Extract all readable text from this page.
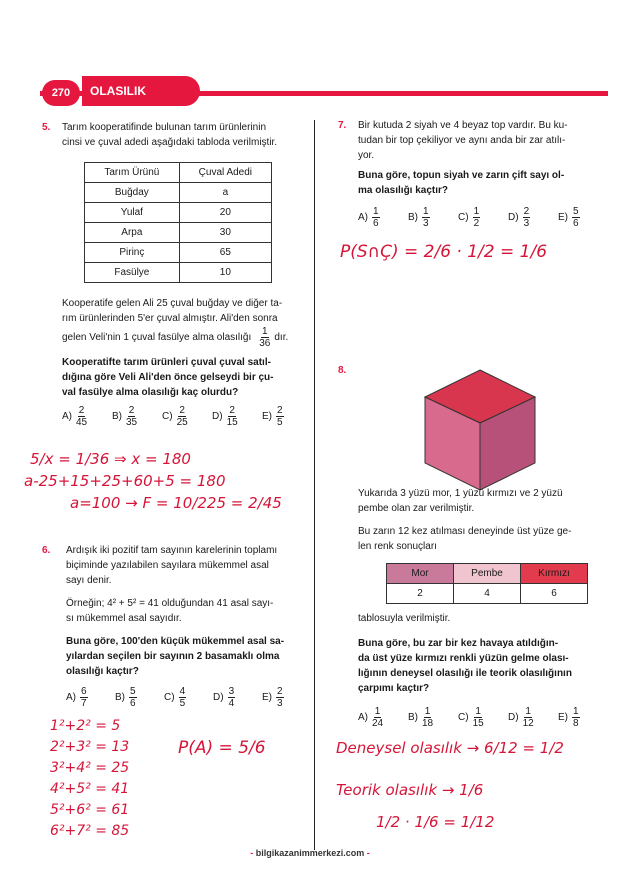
270	OLASILIK
5. Tarım kooperatifinde bulunan tarım ürünlerinin
cinsi ve çuval adedi aşağıdaki tabloda verilmiştir.
Tarım Ürünü	Çuval Adedi
Buğday	a
Yulaf	20
Arpa	30
Pirinç	65
Fasülye	10
Kooperatife gelen Ali 25 çuval buğday ve diğer ta-
rım ürünlerinden 5'er çuval almıştır. Ali'den sonra
gelen Veli'nin 1 çuval fasülye alma olasılığı $\frac{1}{36}$ dır.
Kooperatifte tarım ürünleri çuval çuval satıl-
dığına göre Veli Ali'den önce gelseydi bir çu-
val fasülye alma olasılığı kaç olurdu?
$A) \frac{2}{45} B) \frac{2}{35} C) \frac{2}{25} D) \frac{2}{15} E) \frac{2}{5}$
5/x = 1/36 ⇒ x = 180
a-25+15+25+60+5 = 180
a=100 → F = 10/225 = 2/45
6. Ardışık iki pozitif tam sayının karelerinin toplamı
biçiminde yazılabilen sayılara mükemmel asal
sayı denir.
Örneğin; 4² + 5² = 41 olduğundan 41 asal sayı-
sı mükemmel asal sayıdır.
Buna göre, 100'den küçük mükemmel asal sa-
yılardan seçilen bir sayının 2 basamaklı olma
olasılığı kaçtır?
$A) \frac{6}{7}$	$B) \frac{5}{6}$	$C) \frac{4}{5}$	$D) \frac{3}{4}$	$E) \frac{2}{3}$
1²+2² = 5
2²+3² = 13
3²+4² = 25
4²+5² = 41
5²+6² = 61
6²+7² = 85
P(A) = 5/6
7. Bir kutuda 2 siyah ve 4 beyaz top vardır. Bu ku-
tudan bir top çekiliyor ve aynı anda bir zar atılı-
yor.
Buna göre, topun siyah ve zarın çift sayı ol-
ma olasılığı kaçtır?
$A) \frac{1}{6}$	$B) \frac{1}{3}$	$C) \frac{1}{2}$	$D) \frac{2}{3}$	$E) \frac{5}{6}$
P(S∩Ç) = 2/6 · 1/2 = 1/6
8.
Yukarıda 3 yüzü mor, 1 yüzü kırmızı ve 2 yüzü
pembe olan zar verilmiştir.
Bu zarın 12 kez atılması deneyinde üst yüze ge-
len renk sonuçları
Mor	Pembe	Kırmızı
2	4	6
tablosuyla verilmiştir.
Buna göre, bu zar bir kez havaya atıldığın-
da üst yüze kırmızı renkli yüzün gelme olası-
lığının deneysel olasılığı ile teorik olasılığının
çarpımı kaçtır?
$A) \frac{1}{24} B) \frac{1}{18} C) \frac{1}{15} D) \frac{1}{12} E) \frac{1}{8}$
Deneysel olasılık → 6/12 = 1/2
Teorik olasılık → 1/6
1/2 · 1/6 = 1/12
- bilgikazanimmerkezi.com -
